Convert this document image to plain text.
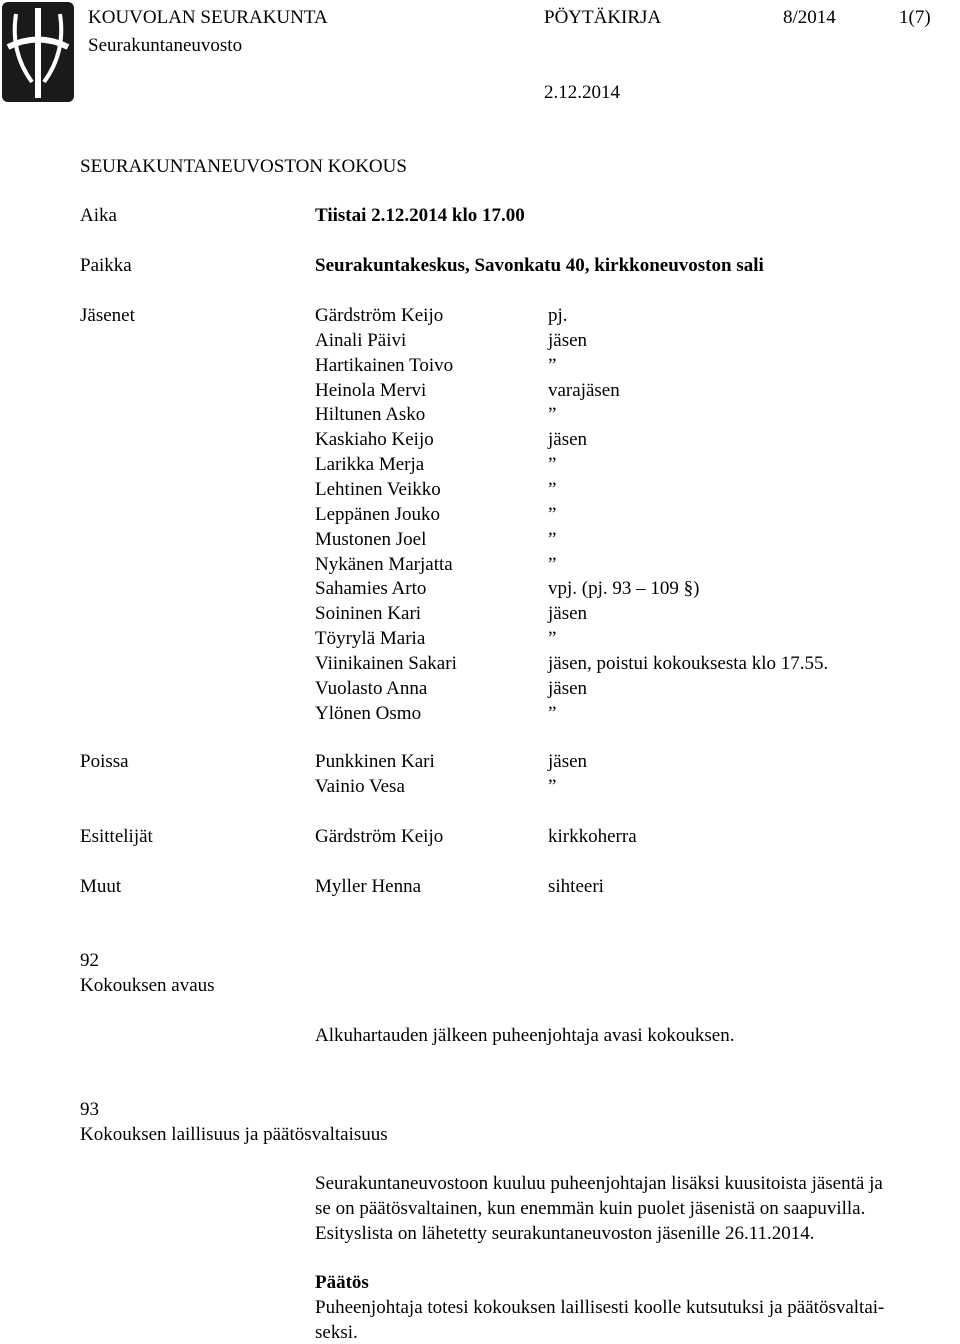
KOUVOLAN SEURAKUNTA
Seurakuntaneuvosto
PÖYTÄKIRJA	8/2014	1(7)
2.12.2014
SEURAKUNTANEUVOSTON KOKOUS
Aika	Tiistai 2.12.2014 klo 17.00
Paikka	Seurakuntakeskus, Savonkatu 40, kirkkoneuvoston sali
Jäsenet	Gärdström Keijo	pj.
Ainali Päivi	jäsen
Hartikainen Toivo	”
Heinola Mervi	varajäsen
Hiltunen Asko	”
Kaskiaho Keijo	jäsen
Larikka Merja	”
Lehtinen Veikko	”
Leppänen Jouko	”
Mustonen Joel	”
Nykänen Marjatta	”
Sahamies Arto	vpj. (pj. 93 – 109 §)
Soininen Kari	jäsen
Töyrylä Maria	”
Viinikainen Sakari	jäsen, poistui kokouksesta klo 17.55.
Vuolasto Anna	jäsen
Ylönen Osmo	”
Poissa	Punkkinen Kari	jäsen
Vainio Vesa	”
Esittelijät	Gärdström Keijo	kirkkoherra
Muut	Myller Henna	sihteeri
92
Kokouksen avaus
Alkuhartauden jälkeen puheenjohtaja avasi kokouksen.
93
Kokouksen laillisuus ja päätösvaltaisuus
Seurakuntaneuvostoon kuuluu puheenjohtajan lisäksi kuusitoista jäsentä ja
se on päätösvaltainen, kun enemmän kuin puolet jäsenistä on saapuvilla.
Esityslista on lähetetty seurakuntaneuvoston jäsenille 26.11.2014.
Päätös
Puheenjohtaja totesi kokouksen laillisesti koolle kutsutuksi ja päätösvaltai-
seksi.
